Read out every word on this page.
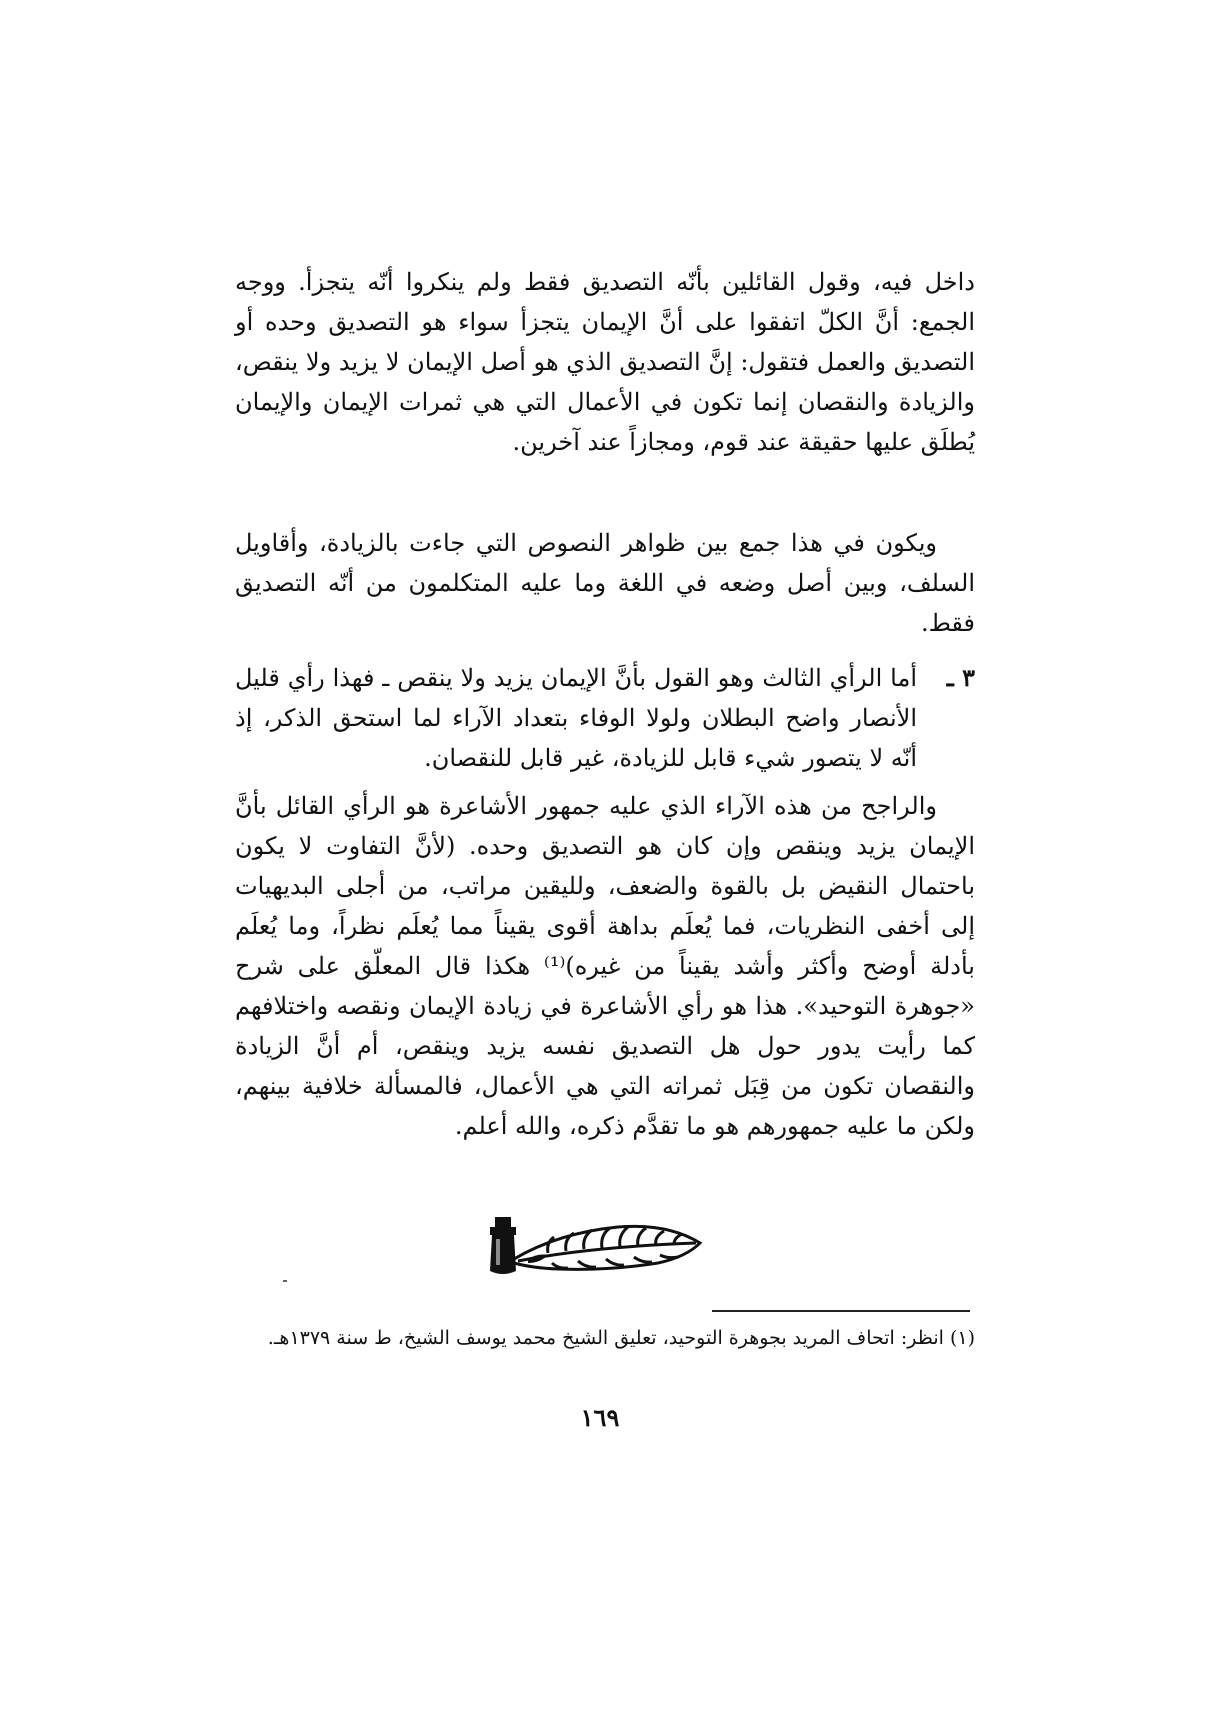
داخل فيه، وقول القائلين بأنّه التصديق فقط ولم ينكروا أنّه يتجزأ. ووجه الجمع: أنَّ الكلّ اتفقوا على أنَّ الإيمان يتجزأ سواء هو التصديق وحده أو التصديق والعمل فتقول: إنَّ التصديق الذي هو أصل الإيمان لا يزيد ولا ينقص، والزيادة والنقصان إنما تكون في الأعمال التي هي ثمرات الإيمان والإيمان يُطلَق عليها حقيقة عند قوم، ومجازاً عند آخرين.

ويكون في هذا جمع بين ظواهر النصوص التي جاءت بالزيادة، وأقاويل السلف، وبين أصل وضعه في اللغة وما عليه المتكلمون من أنّه التصديق فقط.

٣ ـ

أما الرأي الثالث وهو القول بأنَّ الإيمان يزيد ولا ينقص ـ فهذا رأي قليل الأنصار واضح البطلان ولولا الوفاء بتعداد الآراء لما استحق الذكر، إذ أنّه لا يتصور شيء قابل للزيادة، غير قابل للنقصان.

والراجح من هذه الآراء الذي عليه جمهور الأشاعرة هو الرأي القائل بأنَّ الإيمان يزيد وينقص وإن كان هو التصديق وحده. (لأنَّ التفاوت لا يكون باحتمال النقيض بل بالقوة والضعف، ولليقين مراتب، من أجلى البديهيات إلى أخفى النظريات، فما يُعلَم بداهة أقوى يقيناً مما يُعلَم نظراً، وما يُعلَم بأدلة أوضح وأكثر وأشد يقيناً من غيره)⁽¹⁾ هكذا قال المعلّق على شرح «جوهرة التوحيد». هذا هو رأي الأشاعرة في زيادة الإيمان ونقصه واختلافهم كما رأيت يدور حول هل التصديق نفسه يزيد وينقص، أم أنَّ الزيادة والنقصان تكون من قِبَل ثمراته التي هي الأعمال، فالمسألة خلافية بينهم، ولكن ما عليه جمهورهم هو ما تقدَّم ذكره، والله أعلم.

(١) انظر: اتحاف المريد بجوهرة التوحيد، تعليق الشيخ محمد يوسف الشيخ، ط سنة ١٣٧٩هـ.

١٦٩
